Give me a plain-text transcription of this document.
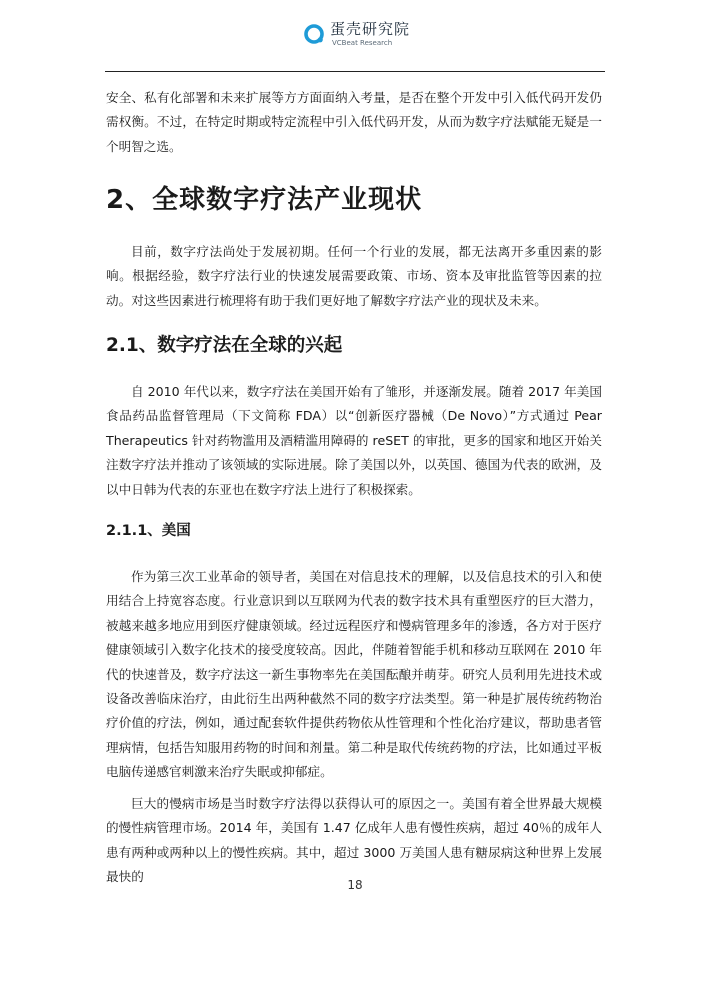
蛋壳研究院
VCBeat Research

安全、私有化部署和未来扩展等方方面面纳入考量，是否在整个开发中引入低代码开发仍需权衡。不过，在特定时期或特定流程中引入低代码开发，从而为数字疗法赋能无疑是一个明智之选。

2、全球数字疗法产业现状

目前，数字疗法尚处于发展初期。任何一个行业的发展，都无法离开多重因素的影响。根据经验，数字疗法行业的快速发展需要政策、市场、资本及审批监管等因素的拉动。对这些因素进行梳理将有助于我们更好地了解数字疗法产业的现状及未来。

2.1、数字疗法在全球的兴起

自 2010 年代以来，数字疗法在美国开始有了雏形，并逐渐发展。随着 2017 年美国食品药品监督管理局（下文简称 FDA）以“创新医疗器械（De Novo）”方式通过 Pear Therapeutics 针对药物滥用及酒精滥用障碍的 reSET 的审批，更多的国家和地区开始关注数字疗法并推动了该领域的实际进展。除了美国以外，以英国、德国为代表的欧洲，及以中日韩为代表的东亚也在数字疗法上进行了积极探索。

2.1.1、美国

作为第三次工业革命的领导者，美国在对信息技术的理解，以及信息技术的引入和使用结合上持宽容态度。行业意识到以互联网为代表的数字技术具有重塑医疗的巨大潜力，被越来越多地应用到医疗健康领域。经过远程医疗和慢病管理多年的渗透，各方对于医疗健康领域引入数字化技术的接受度较高。因此，伴随着智能手机和移动互联网在 2010 年代的快速普及，数字疗法这一新生事物率先在美国酝酿并萌芽。研究人员利用先进技术或设备改善临床治疗，由此衍生出两种截然不同的数字疗法类型。第一种是扩展传统药物治疗价值的疗法，例如，通过配套软件提供药物依从性管理和个性化治疗建议，帮助患者管理病情，包括告知服用药物的时间和剂量。第二种是取代传统药物的疗法，比如通过平板电脑传递感官刺激来治疗失眠或抑郁症。

巨大的慢病市场是当时数字疗法得以获得认可的原因之一。美国有着全世界最大规模的慢性病管理市场。2014 年，美国有 1.47 亿成年人患有慢性疾病，超过 40％的成年人患有两种或两种以上的慢性疾病。其中，超过 3000 万美国人患有糖尿病这种世界上发展最快的

18
